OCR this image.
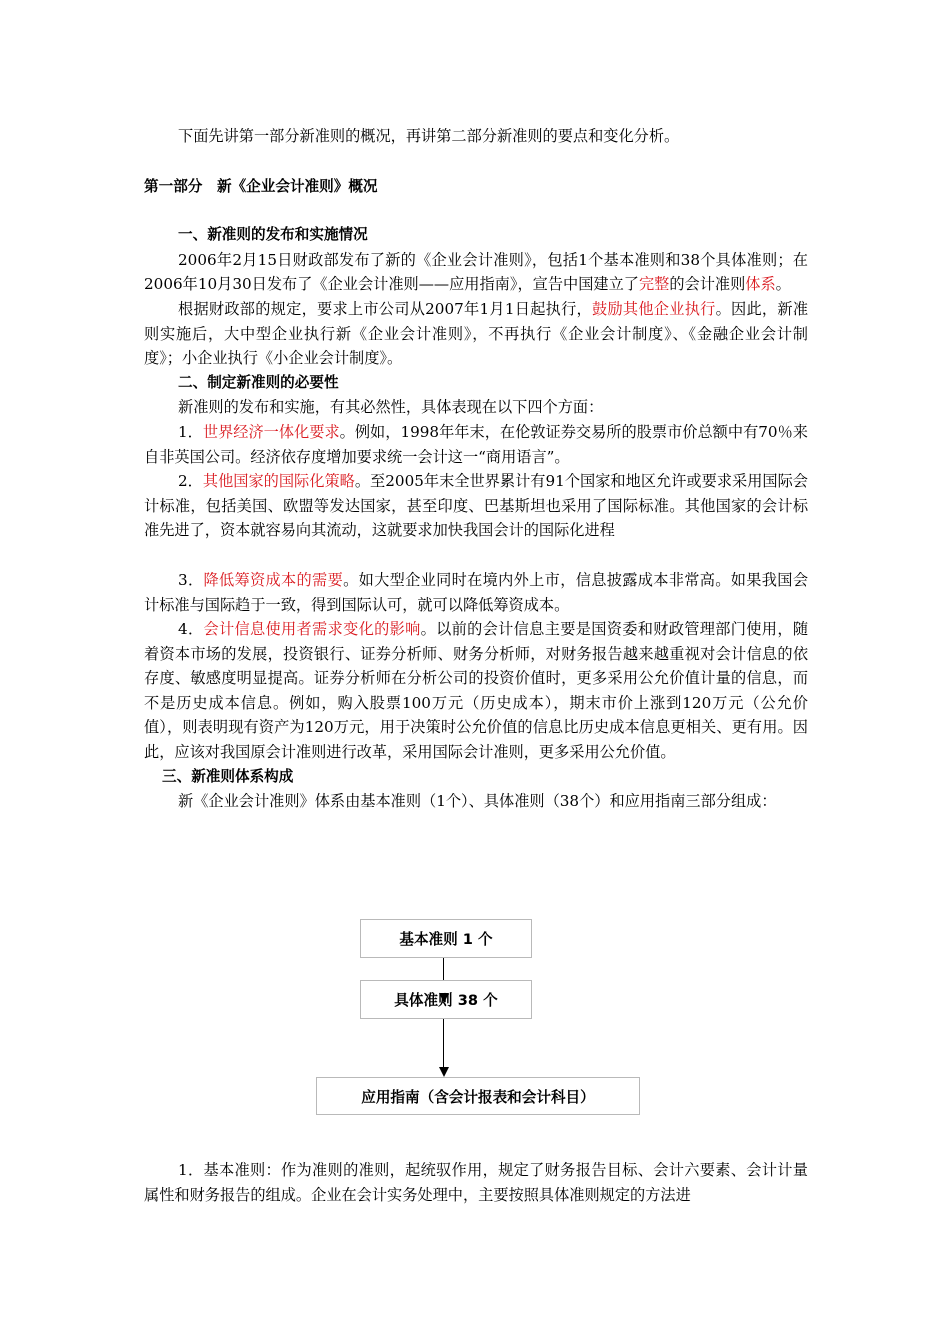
下面先讲第一部分新准则的概况，再讲第二部分新准则的要点和变化分析。

第一部分　新《企业会计准则》概况

一、新准则的发布和实施情况

2006年2月15日财政部发布了新的《企业会计准则》，包括1个基本准则和38个具体准则；在2006年10月30日发布了《企业会计准则——应用指南》，宣告中国建立了完整的会计准则体系。

根据财政部的规定，要求上市公司从2007年1月1日起执行，鼓励其他企业执行。因此，新准则实施后，大中型企业执行新《企业会计准则》，不再执行《企业会计制度》、《金融企业会计制度》；小企业执行《小企业会计制度》。

二、制定新准则的必要性

新准则的发布和实施，有其必然性，具体表现在以下四个方面：

1．世界经济一体化要求。例如，1998年年末，在伦敦证券交易所的股票市价总额中有70％来自非英国公司。经济依存度增加要求统一会计这一“商用语言”。

2．其他国家的国际化策略。至2005年末全世界累计有91个国家和地区允许或要求采用国际会计标准，包括美国、欧盟等发达国家，甚至印度、巴基斯坦也采用了国际标准。其他国家的会计标准先进了，资本就容易向其流动，这就要求加快我国会计的国际化进程

3．降低筹资成本的需要。如大型企业同时在境内外上市，信息披露成本非常高。如果我国会计标准与国际趋于一致，得到国际认可，就可以降低筹资成本。

4．会计信息使用者需求变化的影响。以前的会计信息主要是国资委和财政管理部门使用，随着资本市场的发展，投资银行、证券分析师、财务分析师，对财务报告越来越重视对会计信息的依存度、敏感度明显提高。证券分析师在分析公司的投资价值时，更多采用公允价值计量的信息，而不是历史成本信息。例如，购入股票100万元（历史成本），期末市价上涨到120万元（公允价值），则表明现有资产为120万元，用于决策时公允价值的信息比历史成本信息更相关、更有用。因此，应该对我国原会计准则进行改革，采用国际会计准则，更多采用公允价值。

三、新准则体系构成

新《企业会计准则》体系由基本准则（1个）、具体准则（38个）和应用指南三部分组成：

基本准则 1 个
具体准则 38 个
应用指南（含会计报表和会计科目）

1．基本准则：作为准则的准则，起统驭作用，规定了财务报告目标、会计六要素、会计计量属性和财务报告的组成。企业在会计实务处理中，主要按照具体准则规定的方法进
